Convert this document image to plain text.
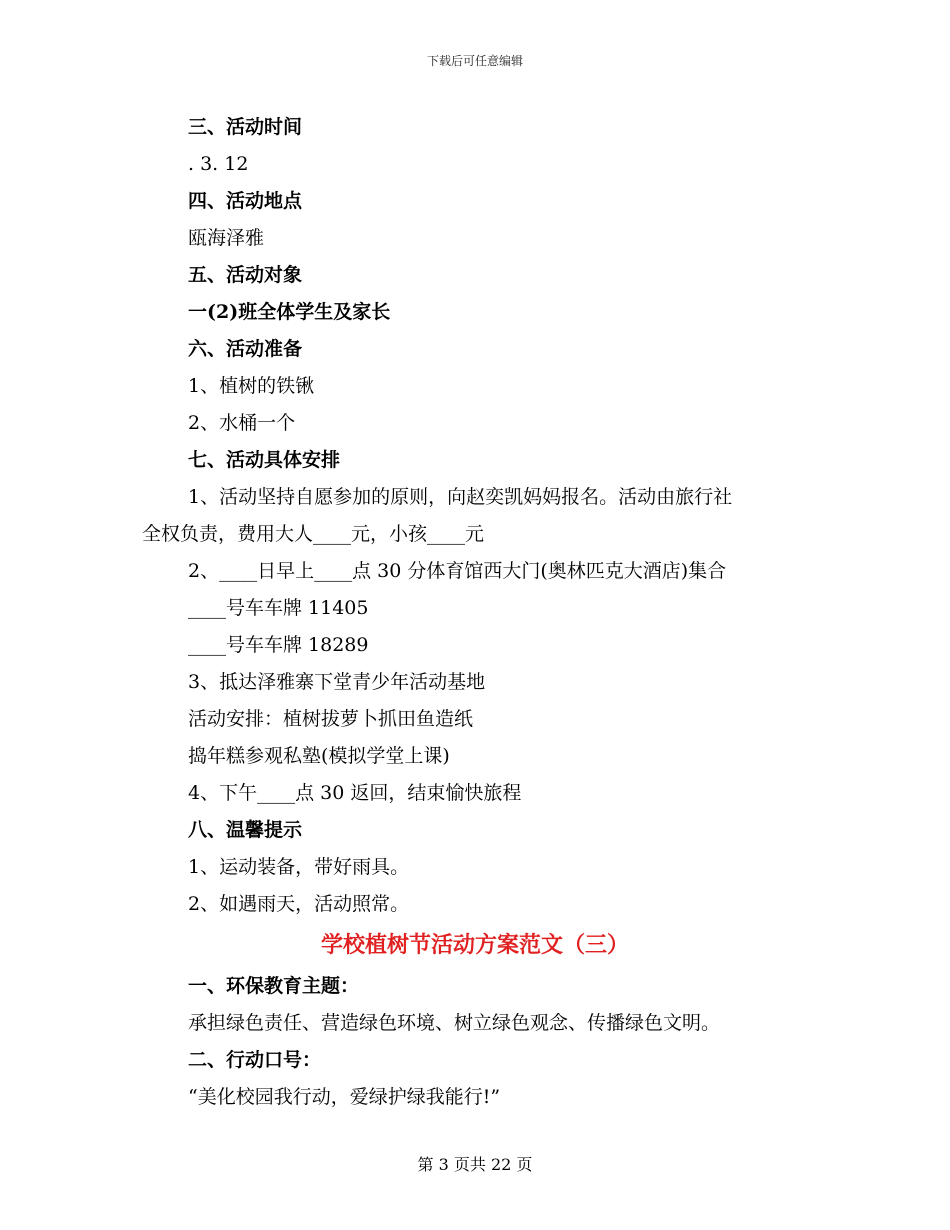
下载后可任意编辑
三、活动时间
. 3. 12
四、活动地点
瓯海泽雅
五、活动对象
一(2)班全体学生及家长
六、活动准备
1、植树的铁锹
2、水桶一个
七、活动具体安排
1、活动坚持自愿参加的原则，向赵奕凯妈妈报名。活动由旅行社
全权负责，费用大人____元，小孩____元
2、____日早上____点 30 分体育馆西大门(奥林匹克大酒店)集合
____号车车牌 11405
____号车车牌 18289
3、抵达泽雅寨下堂青少年活动基地
活动安排：植树拔萝卜抓田鱼造纸
捣年糕参观私塾(模拟学堂上课)
4、下午____点 30 返回，结束愉快旅程
八、温馨提示
1、运动装备，带好雨具。
2、如遇雨天，活动照常。
学校植树节活动方案范文（三）
一、环保教育主题：
承担绿色责任、营造绿色环境、树立绿色观念、传播绿色文明。
二、行动口号：
“美化校园我行动，爱绿护绿我能行!”
第 3 页共 22 页
